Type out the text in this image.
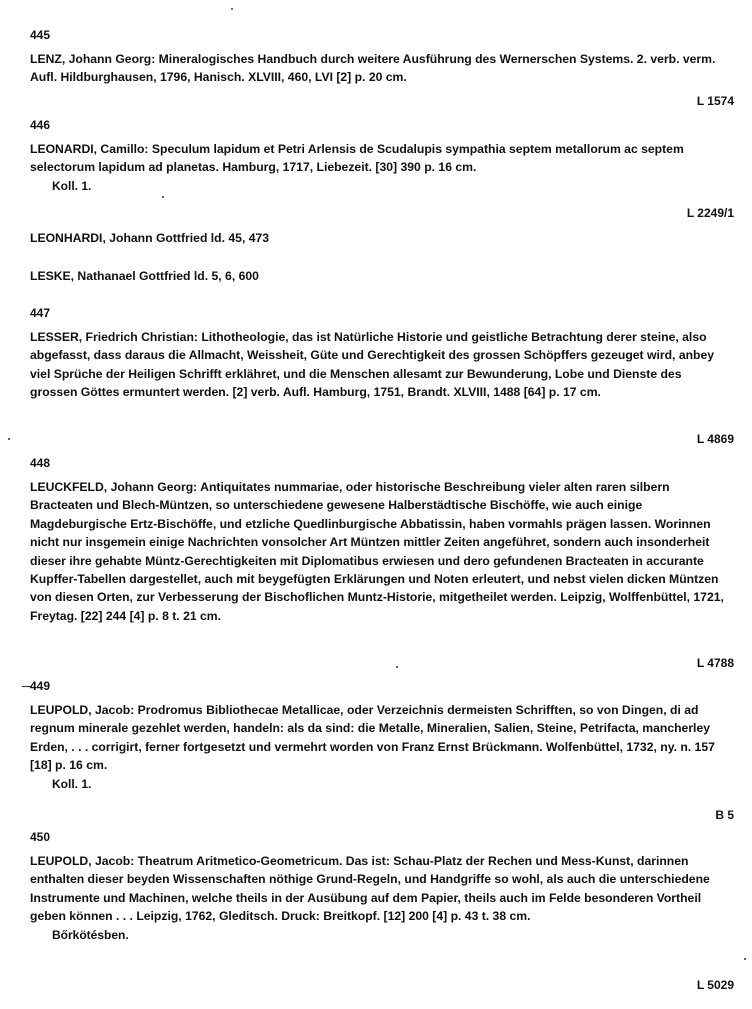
445
LENZ, Johann Georg: Mineralogisches Handbuch durch weitere Ausführung des Wernerschen Systems. 2. verb. verm. Aufl. Hildburghausen, 1796, Hanisch. XLVIII, 460, LVI [2] p. 20 cm.
L 1574
446
LEONARDI, Camillo: Speculum lapidum et Petri Arlensis de Scudalupis sympathia septem metallorum ac septem selectorum lapidum ad planetas. Hamburg, 1717, Liebezeit. [30] 390 p. 16 cm.
Koll. 1.
L 2249/1
LEONHARDI, Johann Gottfried ld. 45, 473
LESKE, Nathanael Gottfried ld. 5, 6, 600
447
LESSER, Friedrich Christian: Lithotheologie, das ist Natürliche Historie und geistliche Betrachtung derer steine, also abgefasst, dass daraus die Allmacht, Weissheit, Güte und Gerechtigkeit des grossen Schöpffers gezeuget wird, anbey viel Sprüche der Heiligen Schrifft erklähret, und die Menschen allesamt zur Bewunderung, Lobe und Dienste des grossen Göttes ermuntert werden. [2] verb. Aufl. Hamburg, 1751, Brandt. XLVIII, 1488 [64] p. 17 cm.
L 4869
448
LEUCKFELD, Johann Georg: Antiquitates nummariae, oder historische Beschreibung vieler alten raren silbern Bracteaten und Blech-Müntzen, so unterschiedene gewesene Halberstädtische Bischöffe, wie auch einige Magdeburgische Ertz-Bischöffe, und etzliche Quedlinburgische Abbatissin, haben vormahls prägen lassen. Worinnen nicht nur insgemein einige Nachrichten vonsolcher Art Müntzen mittler Zeiten angeführet, sondern auch insonderheit dieser ihre gehabte Müntz-Gerechtigkeiten mit Diplomatibus erwiesen und dero gefundenen Bracteaten in accurante Kupffer-Tabellen dargestellet, auch mit beygefügten Erklärungen und Noten erleutert, und nebst vielen dicken Müntzen von diesen Orten, zur Verbesserung der Bischoflichen Muntz-Historie, mitgetheilet werden. Leipzig, Wolffenbüttel, 1721, Freytag. [22] 244 [4] p. 8 t. 21 cm.
L 4788
449
LEUPOLD, Jacob: Prodromus Bibliothecae Metallicae, oder Verzeichnis dermeisten Schrifften, so von Dingen, di ad regnum minerale gezehlet werden, handeln: als da sind: die Metalle, Mineralien, Salien, Steine, Petrifacta, mancherley Erden, . . . corrigirt, ferner fortgesetzt und vermehrt worden von Franz Ernst Brückmann. Wolfenbüttel, 1732, ny. n. 157 [18] p. 16 cm.
Koll. 1.
B 5
450
LEUPOLD, Jacob: Theatrum Aritmetico-Geometricum. Das ist: Schau-Platz der Rechen und Mess-Kunst, darinnen enthalten dieser beyden Wissenschaften nöthige Grund-Regeln, und Handgriffe so wohl, als auch die unterschiedene Instrumente und Machinen, welche theils in der Ausübung auf dem Papier, theils auch im Felde besonderen Vortheil geben können . . . Leipzig, 1762, Gleditsch. Druck: Breitkopf. [12] 200 [4] p. 43 t. 38 cm.
Bőrkötésben.
L 5029
